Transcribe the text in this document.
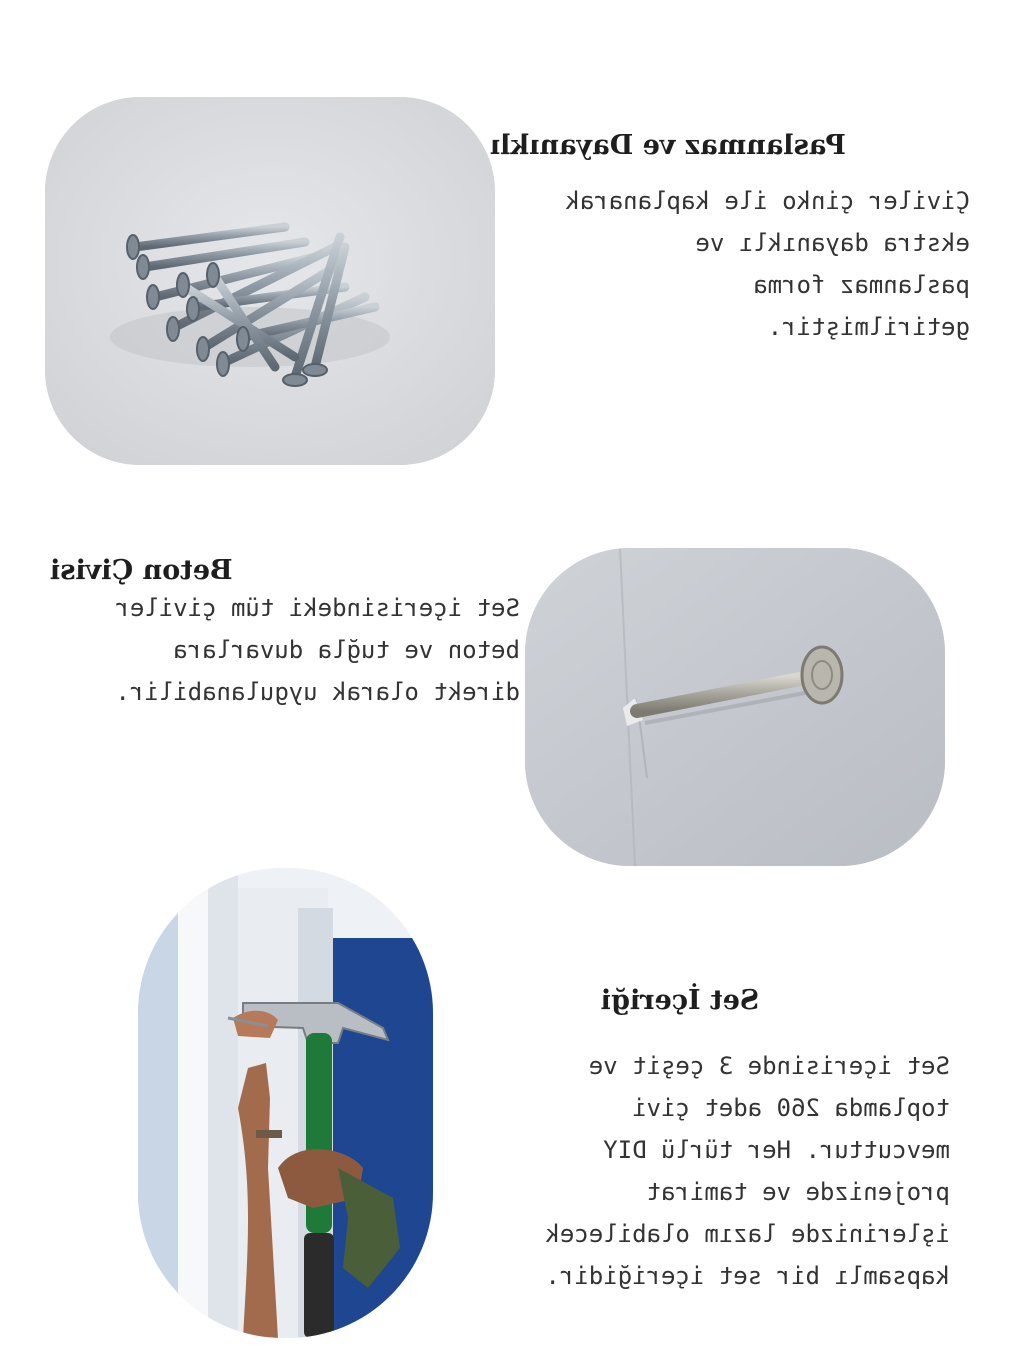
Paslanmaz ve Dayanıklı
Çiviler çinko ile kaplanarak
ekstra dayanıklı ve
paslanmaz forma
getirilmiştir.
Beton Çivisi
Set içerisindeki tüm çiviler
beton ve tuğla duvarlara
direkt olarak uygulanabilir.
Set İçeriği
Set içerisinde 3 çeşit ve
toplamda 260 adet çivi
mevcuttur. Her türlü DIY
projenizde ve tamirat
işlerinizde lazım olabilecek
kapsamlı bir set içeriğidir.
